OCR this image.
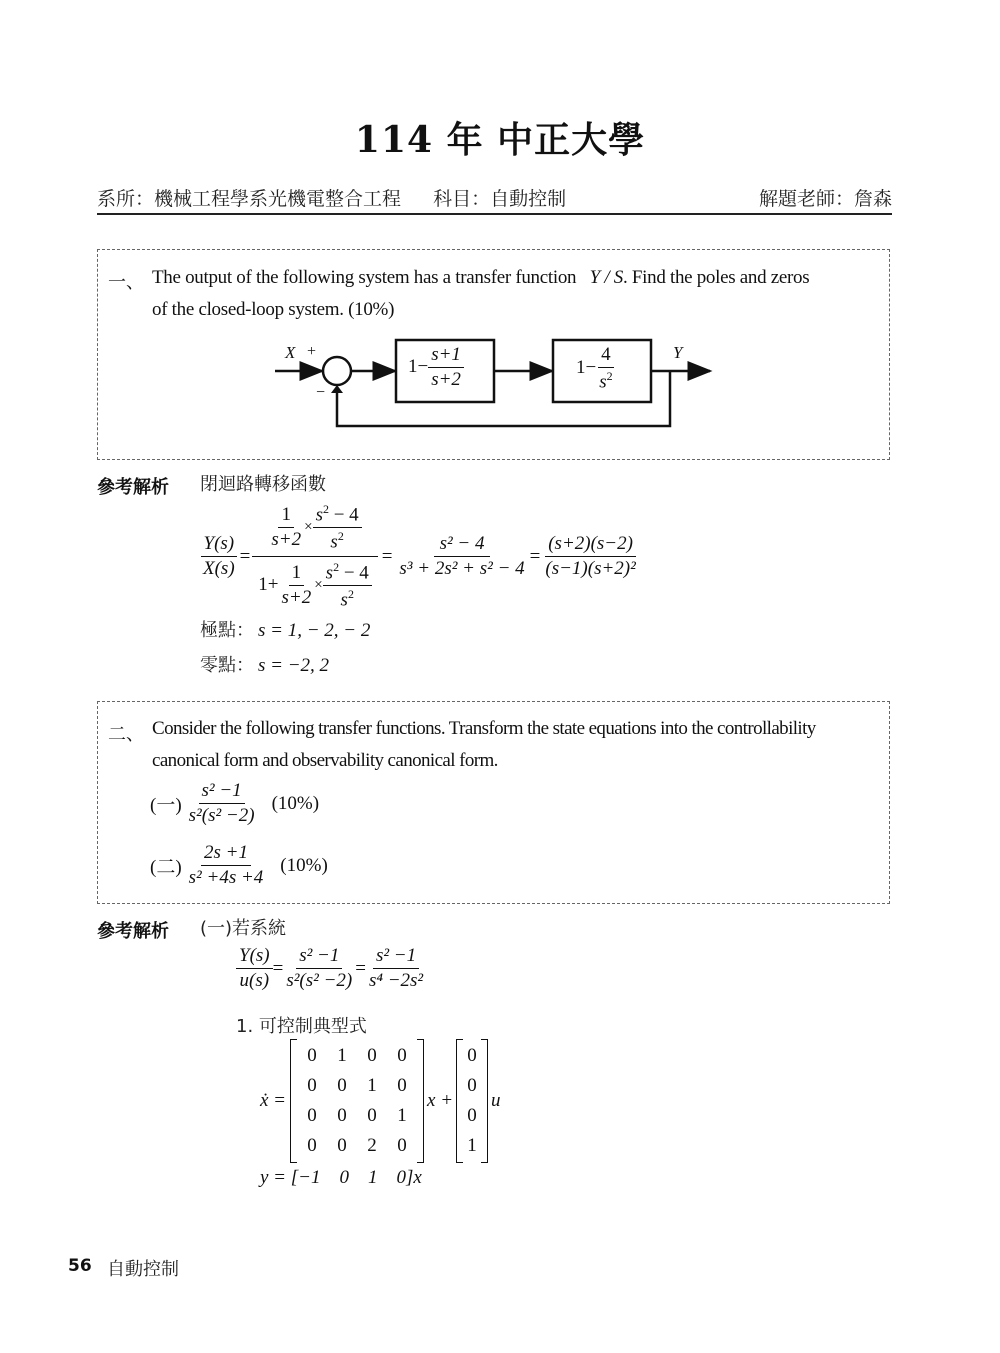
114 年 中正大學
系所：機械工程學系光機電整合工程 科目：自動控制	解題老師：詹森
一、 The output of the following system has a transfer function Y / S. Find the poles and zeros
of the closed-loop system. (10%)
X +
−
Y
$1- \frac{s+1}{s+2}$	$1- \frac{4}{s^2}$
參考解析 閉迴路轉移函數
$\frac{Y(s)}{X(s)}$ =
$\frac{1}{s+2} \times \frac{s^2 - 4}{s^2}$
$1+ \frac{1}{s+2} \times \frac{s^2 - 4}{s^2}$
= $\frac{\text{s² − 4}}{\text{s³ + 2s² + s² − 4}} = \frac{(s+2)(s-2)}{\text{(s−1)(s+2)²}}$
極點： s = 1, − 2, − 2
零點： s = −2, 2
二、 Consider the following transfer functions. Transform the state equations into the controllability
canonical form and observability canonical form.
(一) $\frac{\text{s² −1}}{\text{s²(s² −2)}} (10\%)$
(二) $\frac{2s +1}{\text{s² +4s +4}} (10\%)$
參考解析 (一)若系統
$\frac{Y(s)}{u(s)} = \frac{\text{s² −1}}{\text{s²(s² −2)}} = \frac{\text{s² −1}}{\text{s⁴ −2s²}}$
1. 可控制典型式
ẋ =
0	1	0	0
0	0	1	0
0	0	0	1
0	0	2	0
x +
0
0
0
1
u
y = [−1    0    1    0]x
56 自動控制
